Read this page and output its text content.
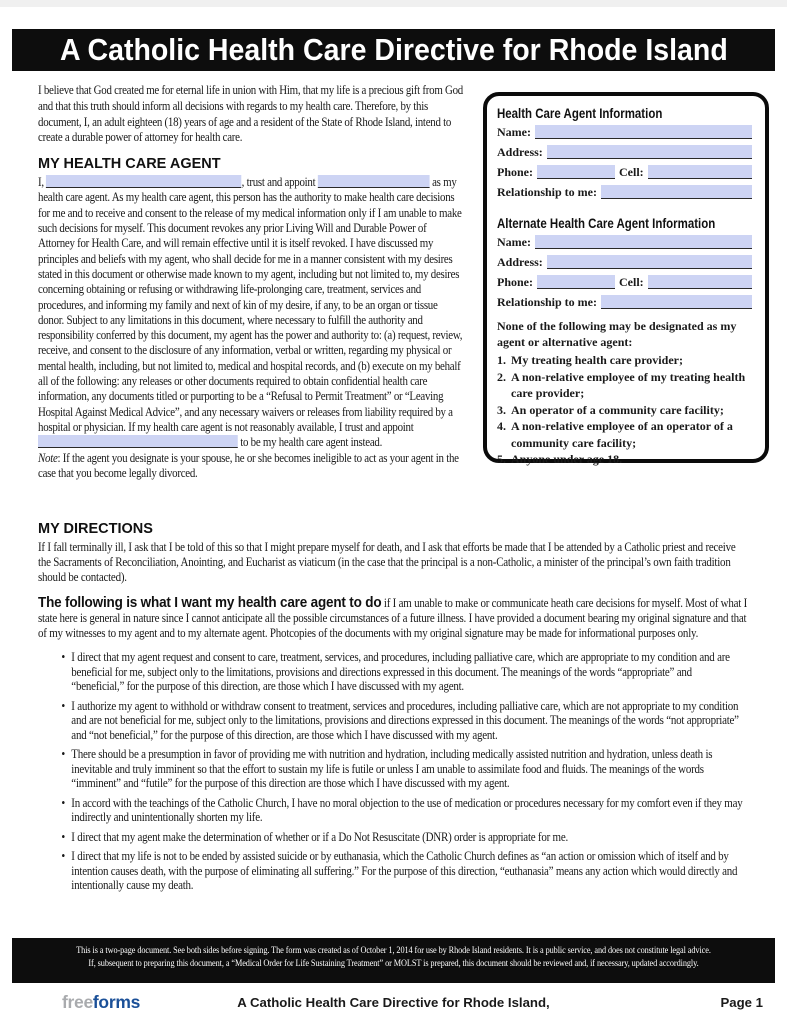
A Catholic Health Care Directive for Rhode Island

I believe that God created me for eternal life in union with Him, that my life is a precious gift from God and that this truth should inform all decisions with regards to my health care. Therefore, by this document, I, an adult eighteen (18) years of age and a resident of the State of Rhode Island, intend to create a durable power of attorney for health care.

MY HEALTH CARE AGENT

I,	, trust and appoint	as my health care agent. As my health care agent, this person has the authority to make health care decisions for me and to receive and consent to the release of my medical information only if I am unable to make such decisions for myself. This document revokes any prior Living Will and Durable Power of Attorney for Health Care, and will remain effective until it is itself revoked. I have discussed my principles and beliefs with my agent, who shall decide for me in a manner consistent with my desires stated in this document or otherwise made known to my agent, including but not limited to, my desires concerning obtaining or refusing or withdrawing life-prolonging care, treatment, services and procedures, and informing my family and next of kin of my desire, if any, to be an organ or tissue donor. Subject to any limitations in this document, where necessary to fulfill the authority and responsibility conferred by this document, my agent has the power and authority to: (a) request, review, receive, and consent to the disclosure of any information, verbal or written, regarding my physical or mental health, including, but not limited to, medical and hospital records, and (b) execute on my behalf all of the following: any releases or other documents required to obtain confidential health care information, any documents titled or purporting to be a “Refusal to Permit Treatment” or “Leaving Hospital Against Medical Advice”, and any necessary waivers or releases from liability required by a hospital or physician. If my health care agent is not reasonably available, I trust and appoint  to be my health care agent instead.
Note: If the agent you designate is your spouse, he or she becomes ineligible to act as your agent in the case that you become legally divorced.

Health Care Agent Information
Name:
Address:
Phone:	Cell:
Relationship to me:
Alternate Health Care Agent Information
Name:
Address:
Phone:	Cell:
Relationship to me:
None of the following may be designated as my agent or alternative agent:
1. My treating health care provider;
2. A non-relative employee of my treating health care provider;
3. An operator of a community care facility;
4. A non-relative employee of an operator of a community care facility;
5. Anyone under age 18.
MY DIRECTIONS

If I fall terminally ill, I ask that I be told of this so that I might prepare myself for death, and I ask that efforts be made that I be attended by a Catholic priest and receive the Sacraments of Reconciliation, Anointing, and Eucharist as viaticum (in the case that the principal is a non-Catholic, a minister of the principal’s own faith tradition should be contacted).

The following is what I want my health care agent to do if I am unable to make or communicate heath care decisions for myself. Most of what I state here is general in nature since I cannot anticipate all the possible circumstances of a future illness. I have provided a document bearing my original signature and that of my witnesses to my agent and to my alternate agent. Photcopies of the documents with my original signature may be made for informational purposes only.

• I direct that my agent request and consent to care, treatment, services, and procedures, including palliative care, which are appropriate to my condition and are beneficial for me, subject only to the limitations, provisions and directions expressed in this document. The meanings of the words “appropriate” and “beneficial,” for the purpose of this direction, are those which I have discussed with my agent.

• I authorize my agent to withhold or withdraw consent to treatment, services and procedures, including palliative care, which are not appropriate to my condition and are not beneficial for me, subject only to the limitations, provisions and directions expressed in this document. The meanings of the words “not appropriate” and “not beneficial,” for the purpose of this direction, are those which I have discussed with my agent.

• There should be a presumption in favor of providing me with nutrition and hydration, including medically assisted nutrition and hydration, unless death is inevitable and truly imminent so that the effort to sustain my life is futile or unless I am unable to assimilate food and fluids. The meanings of the words “imminent” and “futile” for the purpose of this direction are those which I have discussed with my agent.

• In accord with the teachings of the Catholic Church, I have no moral objection to the use of medication or procedures necessary for my comfort even if they may indirectly and unintentionally shorten my life.

• I direct that my agent make the determination of whether or if a Do Not Resuscitate (DNR) order is appropriate for me.

• I direct that my life is not to be ended by assisted suicide or by euthanasia, which the Catholic Church defines as “an action or omission which of itself and by intention causes death, with the purpose of eliminating all suffering.” For the purpose of this direction, “euthanasia” means any action which would directly and intentionally cause my death.

This is a two-page document. See both sides before signing. The form was created as of October 1, 2014 for use by Rhode Island residents. It is a public service, and does not constitute legal advice.
If, subsequent to preparing this document, a “Medical Order for Life Sustaining Treatment” or MOLST is prepared, this document should be reviewed and, if necessary, updated accordingly.
freeforms	A Catholic Health Care Directive for Rhode Island,	Page 1
